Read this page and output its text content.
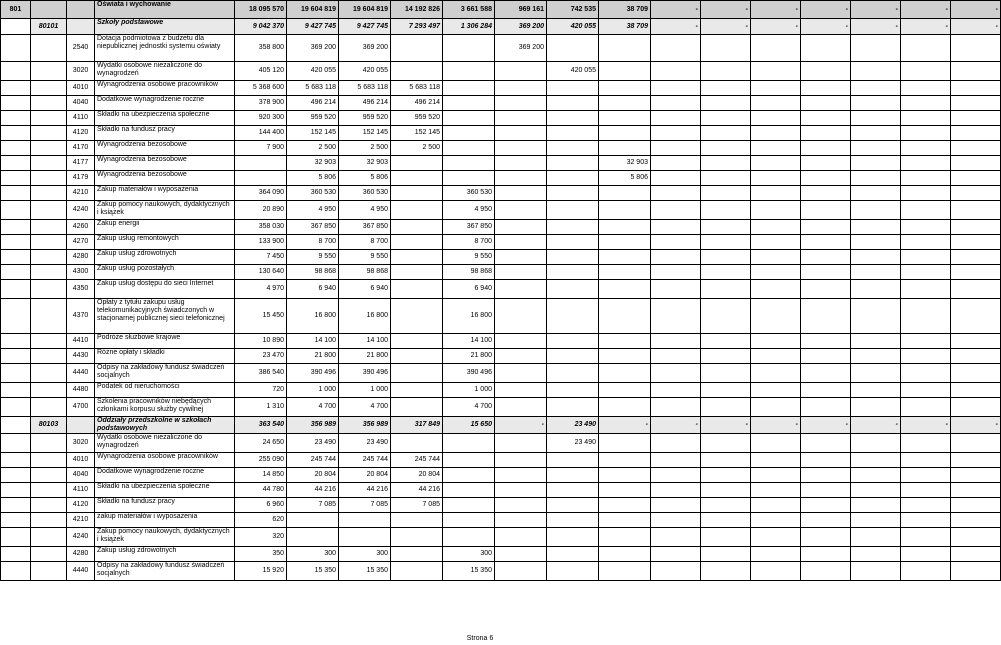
801			Oświata i wychowanie	18 095 570	19 604 819	19 604 819	14 192 826	3 661 588	969 161	742 535	38 709	-	-	-	-	-	-	-
	80101		Szkoły podstawowe	9 042 370	9 427 745	9 427 745	7 293 497	1 306 284	369 200	420 055	38 709	-	-	-	-	-	-	-
		2540	Dotacja podmiotowa z budżetu dla niepublicznej jednostki systemu oświaty	358 800	369 200	369 200			369 200									
		3020	Wydatki osobowe niezaliczone do wynagrodzeń	405 120	420 055	420 055				420 055								
		4010	Wynagrodzenia osobowe pracowników	5 368 600	5 683 118	5 683 118	5 683 118											
		4040	Dodatkowe wynagrodzenie roczne	378 900	496 214	496 214	496 214											
		4110	Składki na ubezpieczenia społeczne	920 300	959 520	959 520	959 520											
		4120	Składki na fundusz pracy	144 400	152 145	152 145	152 145											
		4170	Wynagrodzenia bezosobowe	7 900	2 500	2 500	2 500											
		4177	Wynagrodzenia bezosobowe		32 903	32 903					32 903							
		4179	Wynagrodzenia bezosobowe		5 806	5 806					5 806							
		4210	Zakup materiałów i wyposażenia	364 090	360 530	360 530		360 530										
		4240	Zakup pomocy naukowych, dydaktycznych i książek	20 890	4 950	4 950		4 950										
		4260	Zakup energii	358 030	367 850	367 850		367 850										
		4270	Zakup usług remontowych	133 900	8 700	8 700		8 700										
		4280	Zakup usług zdrowotnych	7 450	9 550	9 550		9 550										
		4300	Zakup usług pozostałych	130 640	98 868	98 868		98 868										
		4350	Zakup usług dostępu do sieci Internet	4 970	6 940	6 940		6 940										
		4370	Opłaty z tytułu zakupu usług telekomunikacyjnych świadczonych w stacjonarnej publicznej sieci telefonicznej	15 450	16 800	16 800		16 800										
		4410	Podróże służbowe krajowe	10 890	14 100	14 100		14 100										
		4430	Różne opłaty i składki	23 470	21 800	21 800		21 800										
		4440	Odpisy na zakładowy fundusz świadczeń socjalnych	386 540	390 496	390 496		390 496										
		4480	Podatek od nieruchomości	720	1 000	1 000		1 000										
		4700	Szkolenia pracowników niebędących członkami korpusu służby cywilnej	1 310	4 700	4 700		4 700										
	80103		Oddziały przedszkolne w szkołach podstawowych	363 540	356 989	356 989	317 849	15 650	-	23 490	-	-	-	-	-	-	-	-
		3020	Wydatki osobowe niezaliczone do wynagrodzeń	24 650	23 490	23 490				23 490								
		4010	Wynagrodzenia osobowe pracowników	255 090	245 744	245 744	245 744											
		4040	Dodatkowe wynagrodzenie roczne	14 850	20 804	20 804	20 804											
		4110	Składki na ubezpieczenia społeczne	44 780	44 216	44 216	44 216											
		4120	Składki na fundusz pracy	6 960	7 085	7 085	7 085											
		4210	zakup materiałów i wyposażenia	620														
		4240	Zakup pomocy naukowych, dydaktycznych i książek	320														
		4280	Zakup usług zdrowotnych	350	300	300		300										
		4440	Odpisy na zakładowy fundusz świadczeń socjalnych	15 920	15 350	15 350		15 350										
Strona 6
